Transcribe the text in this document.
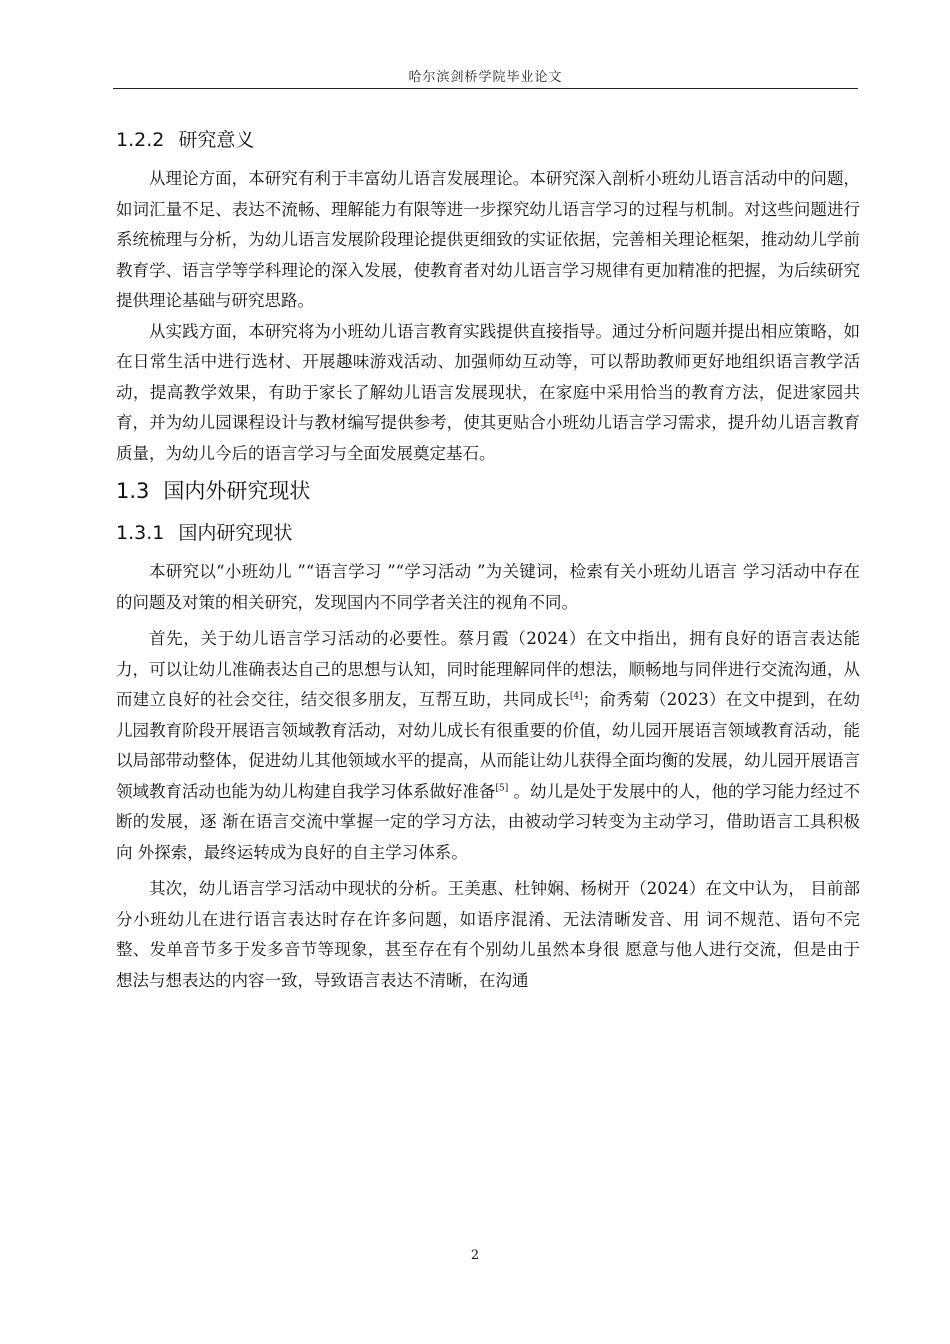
哈尔滨剑桥学院毕业论文
1.2.2 研究意义

从理论方面，本研究有利于丰富幼儿语言发展理论。本研究深入剖析小班幼儿语言活动中的问题，如词汇量不足、表达不流畅、理解能力有限等进一步探究幼儿语言学习的过程与机制。对这些问题进行系统梳理与分析，为幼儿语言发展阶段理论提供更细致的实证依据，完善相关理论框架，推动幼儿学前教育学、语言学等学科理论的深入发展，使教育者对幼儿语言学习规律有更加精准的把握，为后续研究提供理论基础与研究思路。

从实践方面，本研究将为小班幼儿语言教育实践提供直接指导。通过分析问题并提出相应策略，如在日常生活中进行选材、开展趣味游戏活动、加强师幼互动等，可以帮助教师更好地组织语言教学活动，提高教学效果，有助于家长了解幼儿语言发展现状，在家庭中采用恰当的教育方法，促进家园共育，并为幼儿园课程设计与教材编写提供参考，使其更贴合小班幼儿语言学习需求，提升幼儿语言教育质量，为幼儿今后的语言学习与全面发展奠定基石。

1.3 国内外研究现状
1.3.1 国内研究现状

本研究以“小班幼儿 ”“语言学习 ”“学习活动 ”为关键词，检索有关小班幼儿语言 学习活动中存在的问题及对策的相关研究，发现国内不同学者关注的视角不同。

首先，关于幼儿语言学习活动的必要性。蔡月霞（2024）在文中指出，拥有良好的语言表达能力，可以让幼儿准确表达自己的思想与认知，同时能理解同伴的想法，顺畅地与同伴进行交流沟通，从而建立良好的社会交往，结交很多朋友，互帮互助，共同成长[4]；俞秀菊（2023）在文中提到，在幼儿园教育阶段开展语言领域教育活动，对幼儿成长有很重要的价值，幼儿园开展语言领域教育活动，能以局部带动整体，促进幼儿其他领域水平的提高，从而能让幼儿获得全面均衡的发展，幼儿园开展语言领域教育活动也能为幼儿构建自我学习体系做好准备[5] 。幼儿是处于发展中的人，他的学习能力经过不断的发展，逐 渐在语言交流中掌握一定的学习方法，由被动学习转变为主动学习，借助语言工具积极向 外探索，最终运转成为良好的自主学习体系。

其次，幼儿语言学习活动中现状的分析。王美惠、杜钟娴、杨树开（2024）在文中认为， 目前部分小班幼儿在进行语言表达时存在许多问题，如语序混淆、无法清晰发音、用 词不规范、语句不完整、发单音节多于发多音节等现象，甚至存在有个别幼儿虽然本身很 愿意与他人进行交流，但是由于想法与想表达的内容一致，导致语言表达不清晰，在沟通

2
